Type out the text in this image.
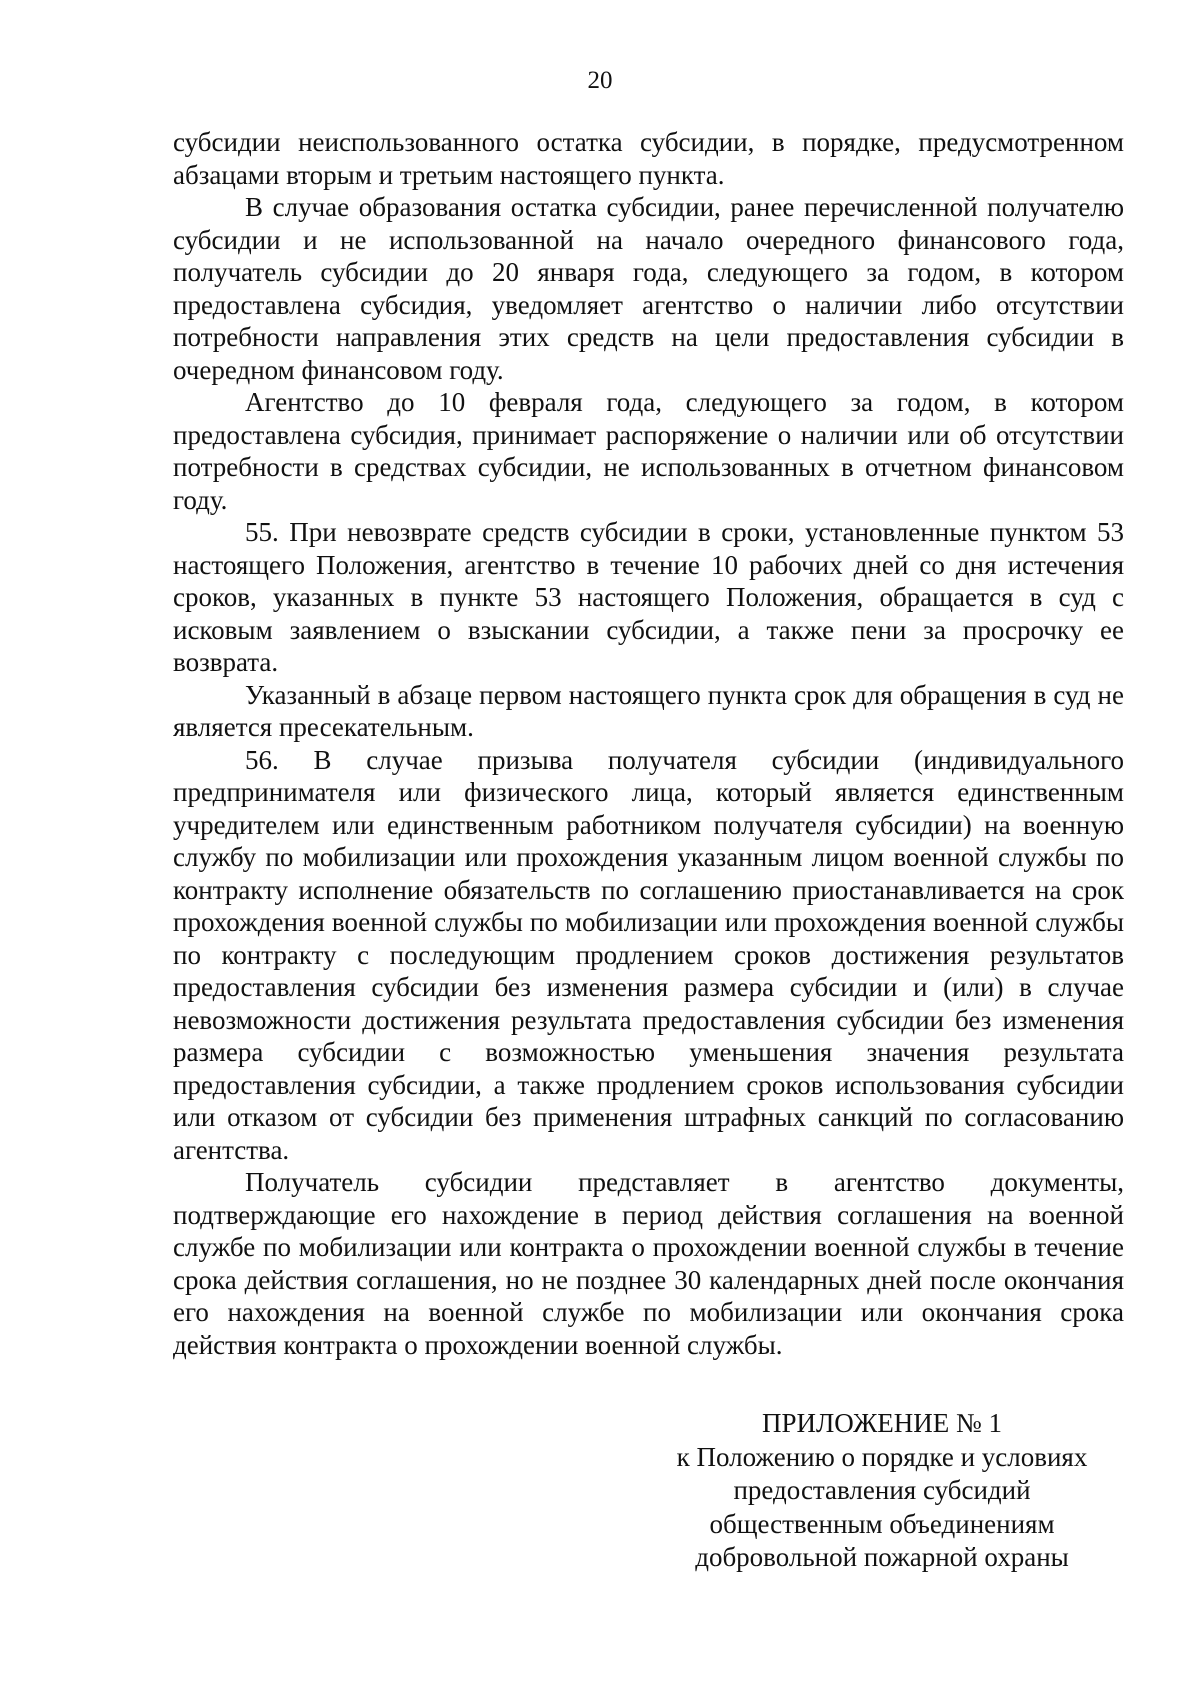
20

субсидии неиспользованного остатка субсидии, в порядке, предусмотренном абзацами вторым и третьим настоящего пункта.

В случае образования остатка субсидии, ранее перечисленной получателю субсидии и не использованной на начало очередного финансового года, получатель субсидии до 20 января года, следующего за годом, в котором предоставлена субсидия, уведомляет агентство о наличии либо отсутствии потребности направления этих средств на цели предоставления субсидии в очередном финансовом году.

Агентство до 10 февраля года, следующего за годом, в котором предоставлена субсидия, принимает распоряжение о наличии или об отсутствии потребности в средствах субсидии, не использованных в отчетном финансовом году.

55. При невозврате средств субсидии в сроки, установленные пунктом 53 настоящего Положения, агентство в течение 10 рабочих дней со дня истечения сроков, указанных в пункте 53 настоящего Положения, обращается в суд с исковым заявлением о взыскании субсидии, а также пени за просрочку ее возврата.

Указанный в абзаце первом настоящего пункта срок для обращения в суд не является пресекательным.

56. В случае призыва получателя субсидии (индивидуального предпринимателя или физического лица, который является единственным учредителем или единственным работником получателя субсидии) на военную службу по мобилизации или прохождения указанным лицом военной службы по контракту исполнение обязательств по соглашению приостанавливается на срок прохождения военной службы по мобилизации или прохождения военной службы по контракту с последующим продлением сроков достижения результатов предоставления субсидии без изменения размера субсидии и (или) в случае невозможности достижения результата предоставления субсидии без изменения размера субсидии с возможностью уменьшения значения результата предоставления субсидии, а также продлением сроков использования субсидии или отказом от субсидии без применения штрафных санкций по согласованию агентства.

Получатель субсидии представляет в агентство документы, подтверждающие его нахождение в период действия соглашения на военной службе по мобилизации или контракта о прохождении военной службы в течение срока действия соглашения, но не позднее 30 календарных дней после окончания его нахождения на военной службе по мобилизации или окончания срока действия контракта о прохождении военной службы.

ПРИЛОЖЕНИЕ № 1
к Положению о порядке и условиях
предоставления субсидий
общественным объединениям
добровольной пожарной охраны
